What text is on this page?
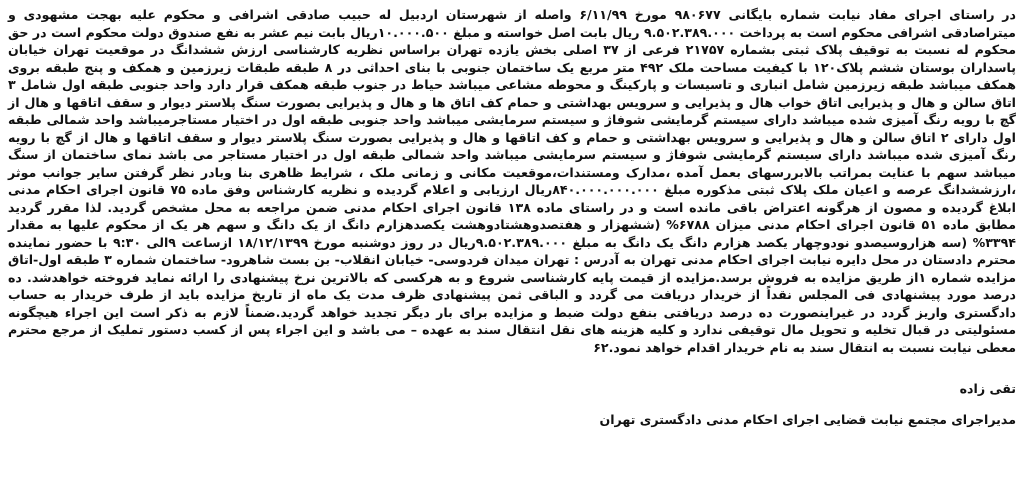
در راستای اجرای مفاد نیابت شماره بایگانی ۹۸۰۶۷۷ مورخ ۶/۱۱/۹۹ واصله از شهرستان اردبیل له حبیب صادقی اشرافی و محکوم علیه بهجت مشهودی و میتراصادقی اشرافی محکوم است به پرداخت ۹.۵۰۲.۳۸۹.۰۰۰ ریال بابت اصل خواسته و مبلغ ۱۰.۰۰۰.۵۰۰ریال بابت نیم عشر به نفع صندوق دولت محکوم است در حق محکوم له نسبت به توقیف پلاک ثبتی بشماره ۲۱۷۵۷ فرعی از ۳۷ اصلی بخش یازده تهران براساس نظریه کارشناسی ارزش ششدانگ در موقعیت تهران خیابان پاسداران بوستان ششم پلاک۱۲۰ با کیفیت مساحت ملک ۴۹۲ متر مربع یک ساختمان جنوبی با بنای احداثی در ۸ طبقه طبقات زیرزمین و همکف و پنج طبقه بروی همکف میباشد طبقه زیرزمین شامل انباری و تاسیسات و پارکینگ و محوطه مشاعی میباشد حیاط در جنوب طبقه همکف قرار دارد واحد جنوبی طبقه اول شامل ۳ اتاق سالن و هال و پذیرایی اتاق خواب هال و پذیرایی و سرویس بهداشتی و حمام کف اتاق ها و هال و پذیرایی بصورت سنگ پلاستر دیوار و سقف اتاقها و هال از گچ با رویه رنگ آمیزی شده میباشد دارای سیستم گرمایشی شوفاژ و سیستم سرمایشی میباشد واحد جنوبی طبقه اول در اختیار مستاجرمیباشد واحد شمالی طبقه اول دارای ۲ اتاق سالن و هال و پذیرایی و سرویس بهداشتی و حمام و کف اتاقها و هال و پذیرایی بصورت سنگ پلاستر دیوار و سقف اتاقها و هال از گچ با رویه رنگ آمیزی شده میباشد دارای سیستم گرمایشی شوفاژ و سیستم سرمایشی میباشد واحد شمالی طبقه اول در اختیار مستاجر می باشد نمای ساختمان از سنگ میباشد سهم با عنایت بمراتب بالابررسهای بعمل آمده ،مدارک ومستندات،موقعیت مکانی و زمانی ملک ، شرایط ظاهری بنا وبادر نظر گرفتن سایر جوانب موثر ،ارزششدانگ عرصه و اعیان ملک پلاک ثبتی مذکوره مبلغ ۸۴۰.۰۰۰.۰۰۰.۰۰۰ریال ارزیابی و اعلام گردیده و نظریه کارشناس وفق ماده ۷۵ قانون اجرای احکام مدنی ابلاغ گردیده و مصون از هرگونه اعتراض باقی مانده است و در راستای ماده ۱۳۸ قانون اجرای احکام مدنی ضمن مراجعه به محل مشخص گردید. لذا مقرر گردید مطابق ماده ۵۱ قانون اجرای احکام مدنی میزان ۶۷۸۸% (ششهزار و هفتصدوهشتادوهشت یکصدهزارم دانگ از یک دانگ و سهم هر یک از محکوم علیها به مقدار ۳۳۹۴% (سه هزاروسیصدو نودوچهار یکصد هزارم دانگ یک دانگ به مبلغ ۹.۵۰۲.۳۸۹.۰۰۰ریال در روز دوشنبه مورخ ۱۸/۱۲/۱۳۹۹ ازساعت ۹الی ۹:۳۰ با حضور نماینده محترم دادستان در محل دایره نیابت اجرای احکام مدنی تهران به آدرس : تهران میدان فردوسی- خیابان انقلاب- بن بست شاهرود- ساختمان شماره ۳ طبقه اول-اتاق مزایده شماره ۱از طریق مزایده به فروش برسد.مزایده از قیمت پایه کارشناسی شروع و به هرکسی که بالاترین نرخ پیشنهادی را ارائه نماید فروخته خواهدشد. ده درصد مورد پیشنهادی فی المجلس نقداً از خریدار دریافت می گردد و الباقی ثمن پیشنهادی ظرف مدت یک ماه از تاریخ مزایده باید از طرف خریدار به حساب دادگستری واریز گردد در غیراینصورت ده درصد دریافتی بنفع دولت ضبط و مزایده برای بار دیگر تجدید خواهد گردید.ضمناً لازم به ذکر است این اجراء هیچگونه مسئولیتی در قبال تخلیه و تحویل مال توقیفی ندارد و کلیه هزینه های نقل انتقال سند به عهده – می باشد و این اجراء پس از کسب دستور تملیک از مرجع محترم معطی نیابت نسبت به انتقال سند به نام خریدار اقدام خواهد نمود.۶۲

تقی زاده

مدیراجرای مجتمع نیابت قضایی اجرای احکام مدنی دادگستری تهران
